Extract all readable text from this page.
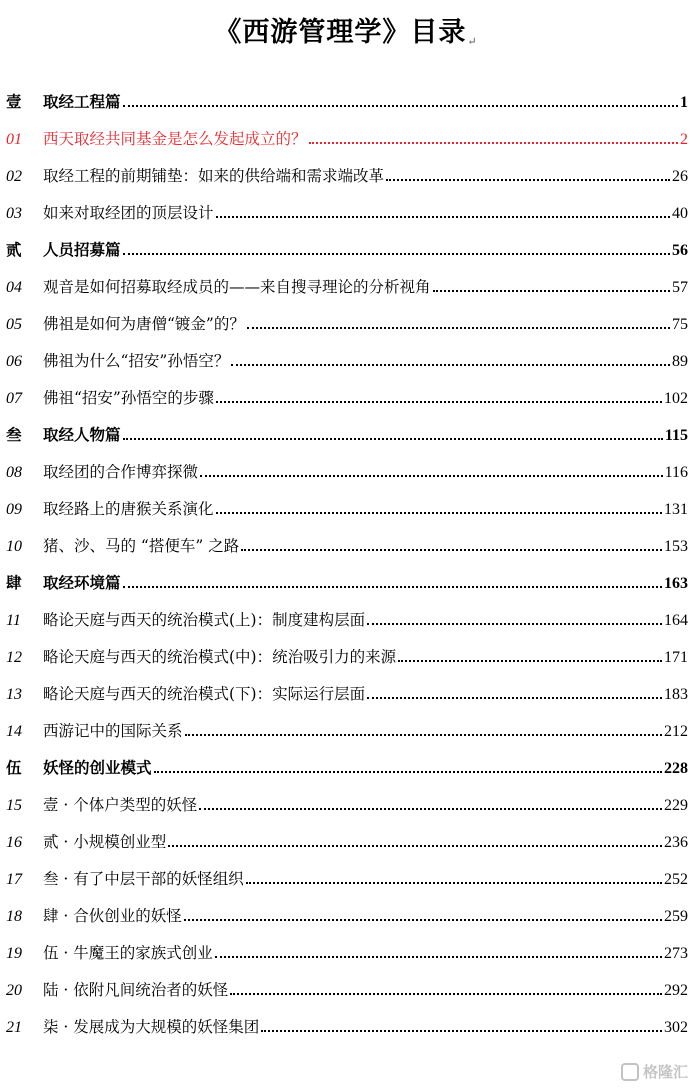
《西游管理学》目录↵
壹	取经工程篇	1
01	西天取经共同基金是怎么发起成立的？	2
02	取经工程的前期铺垫：如来的供给端和需求端改革	26
03	如来对取经团的顶层设计	40
贰	人员招募篇	56
04	观音是如何招募取经成员的——来自搜寻理论的分析视角	57
05	佛祖是如何为唐僧“镀金”的？	75
06	佛祖为什么“招安”孙悟空？	89
07	佛祖“招安”孙悟空的步骤	102
叁	取经人物篇	115
08	取经团的合作博弈探微	116
09	取经路上的唐猴关系演化	131
10	猪、沙、马的 “搭便车” 之路	153
肆	取经环境篇	163
11	略论天庭与西天的统治模式(上)：制度建构层面	164
12	略论天庭与西天的统治模式(中)：统治吸引力的来源	171
13	略论天庭与西天的统治模式(下)：实际运行层面	183
14	西游记中的国际关系	212
伍	妖怪的创业模式	228
15	壹 · 个体户类型的妖怪	229
16	贰 · 小规模创业型	236
17	叁 · 有了中层干部的妖怪组织	252
18	肆 · 合伙创业的妖怪	259
19	伍 · 牛魔王的家族式创业	273
20	陆 · 依附凡间统治者的妖怪	292
21	柒 · 发展成为大规模的妖怪集团	302
格隆汇
